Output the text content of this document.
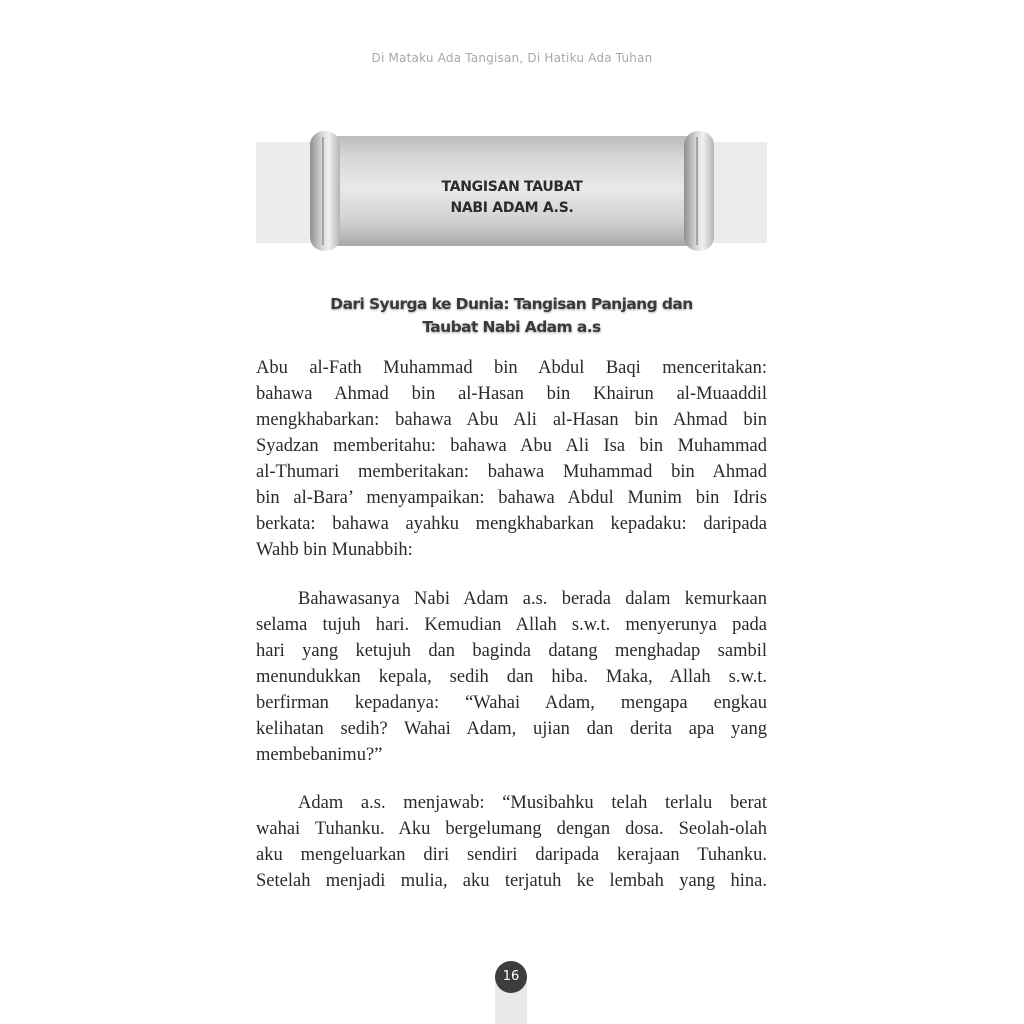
Di Mataku Ada Tangisan, Di Hatiku Ada Tuhan
TANGISAN TAUBAT
NABI ADAM A.S.
Dari Syurga ke Dunia: Tangisan Panjang dan
Taubat Nabi Adam a.s
Abu al-Fath Muhammad bin Abdul Baqi menceritakan:
bahawa Ahmad bin al-Hasan bin Khairun al-Muaaddil
mengkhabarkan: bahawa Abu Ali al-Hasan bin Ahmad bin
Syadzan memberitahu: bahawa Abu Ali Isa bin Muhammad
al-Thumari memberitakan: bahawa Muhammad bin Ahmad
bin al-Bara’ menyampaikan: bahawa Abdul Munim bin Idris
berkata: bahawa ayahku mengkhabarkan kepadaku: daripada
Wahb bin Munabbih:
Bahawasanya Nabi Adam a.s. berada dalam kemurkaan
selama tujuh hari. Kemudian Allah s.w.t. menyerunya pada
hari yang ketujuh dan baginda datang menghadap sambil
menundukkan kepala, sedih dan hiba. Maka, Allah s.w.t.
berfirman kepadanya: “Wahai Adam, mengapa engkau
kelihatan sedih? Wahai Adam, ujian dan derita apa yang
membebanimu?”
Adam a.s. menjawab: “Musibahku telah terlalu berat
wahai Tuhanku. Aku bergelumang dengan dosa. Seolah-olah
aku mengeluarkan diri sendiri daripada kerajaan Tuhanku.
Setelah menjadi mulia, aku terjatuh ke lembah yang hina.
16
